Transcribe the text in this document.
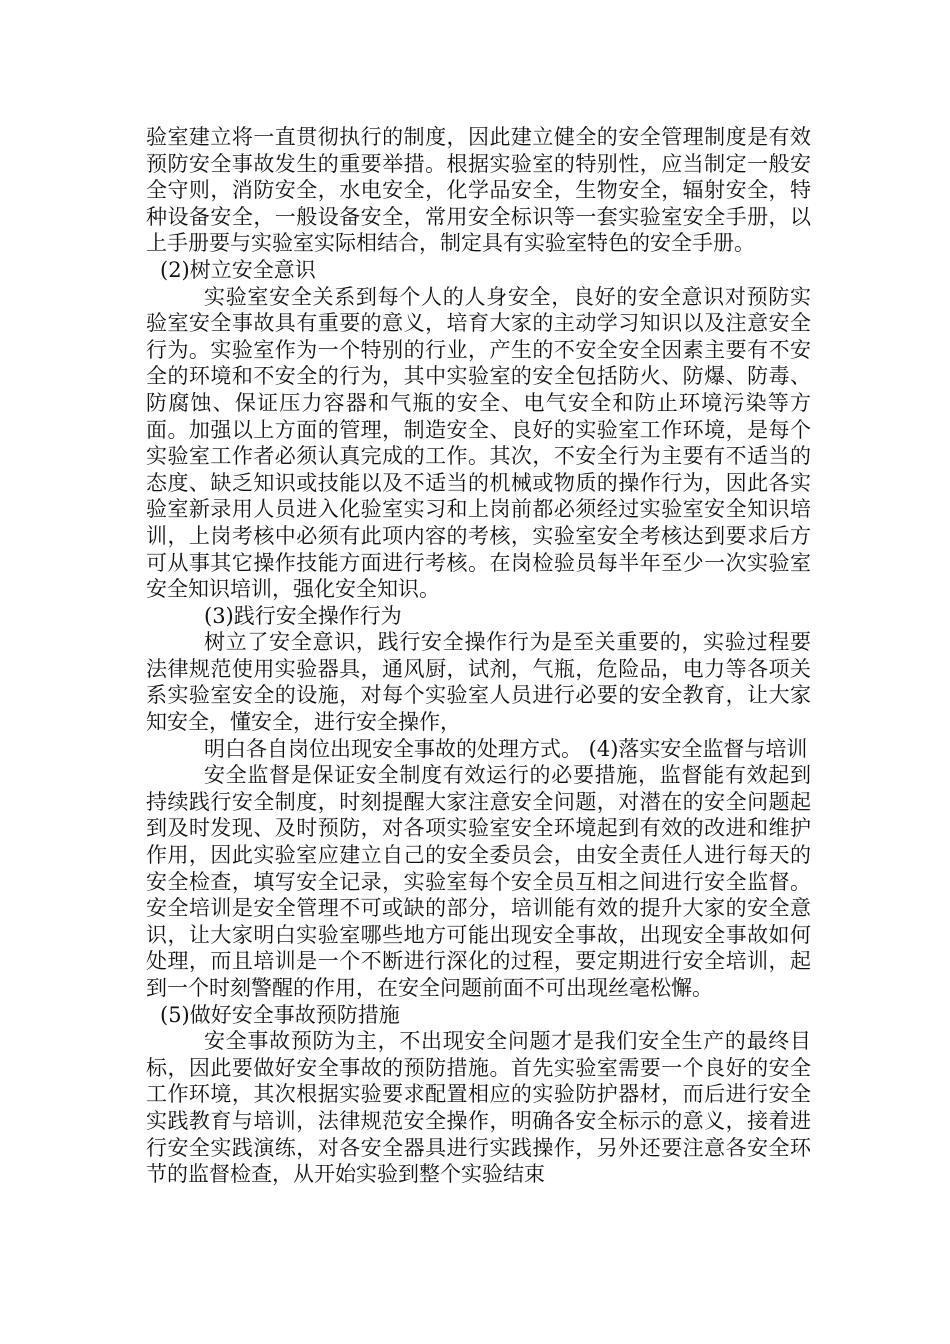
验室建立将一直贯彻执行的制度，因此建立健全的安全管理制度是有效预防安全事故发生的重要举措。根据实验室的特别性，应当制定一般安全守则，消防安全，水电安全，化学品安全，生物安全，辐射安全，特种设备安全，一般设备安全，常用安全标识等一套实验室安全手册，以上手册要与实验室实际相结合，制定具有实验室特色的安全手册。

(2)树立安全意识

实验室安全关系到每个人的人身安全，良好的安全意识对预防实验室安全事故具有重要的意义，培育大家的主动学习知识以及注意安全行为。实验室作为一个特别的行业，产生的不安全安全因素主要有不安全的环境和不安全的行为，其中实验室的安全包括防火、防爆、防毒、防腐蚀、保证压力容器和气瓶的安全、电气安全和防止环境污染等方面。加强以上方面的管理，制造安全、良好的实验室工作环境，是每个实验室工作者必须认真完成的工作。其次，不安全行为主要有不适当的态度、缺乏知识或技能以及不适当的机械或物质的操作行为，因此各实验室新录用人员进入化验室实习和上岗前都必须经过实验室安全知识培训，上岗考核中必须有此项内容的考核，实验室安全考核达到要求后方可从事其它操作技能方面进行考核。在岗检验员每半年至少一次实验室安全知识培训，强化安全知识。

(3)践行安全操作行为

树立了安全意识，践行安全操作行为是至关重要的，实验过程要法律规范使用实验器具，通风厨，试剂，气瓶，危险品，电力等各项关系实验室安全的设施，对每个实验室人员进行必要的安全教育，让大家知安全，懂安全，进行安全操作，

明白各自岗位出现安全事故的处理方式。 (4)落实安全监督与培训

安全监督是保证安全制度有效运行的必要措施，监督能有效起到持续践行安全制度，时刻提醒大家注意安全问题，对潜在的安全问题起到及时发现、及时预防，对各项实验室安全环境起到有效的改进和维护作用，因此实验室应建立自己的安全委员会，由安全责任人进行每天的安全检查，填写安全记录，实验室每个安全员互相之间进行安全监督。安全培训是安全管理不可或缺的部分，培训能有效的提升大家的安全意识，让大家明白实验室哪些地方可能出现安全事故，出现安全事故如何处理，而且培训是一个不断进行深化的过程，要定期进行安全培训，起到一个时刻警醒的作用，在安全问题前面不可出现丝毫松懈。

(5)做好安全事故预防措施

安全事故预防为主，不出现安全问题才是我们安全生产的最终目标，因此要做好安全事故的预防措施。首先实验室需要一个良好的安全工作环境，其次根据实验要求配置相应的实验防护器材，而后进行安全实践教育与培训，法律规范安全操作，明确各安全标示的意义，接着进行安全实践演练，对各安全器具进行实践操作，另外还要注意各安全环节的监督检查，从开始实验到整个实验结束
